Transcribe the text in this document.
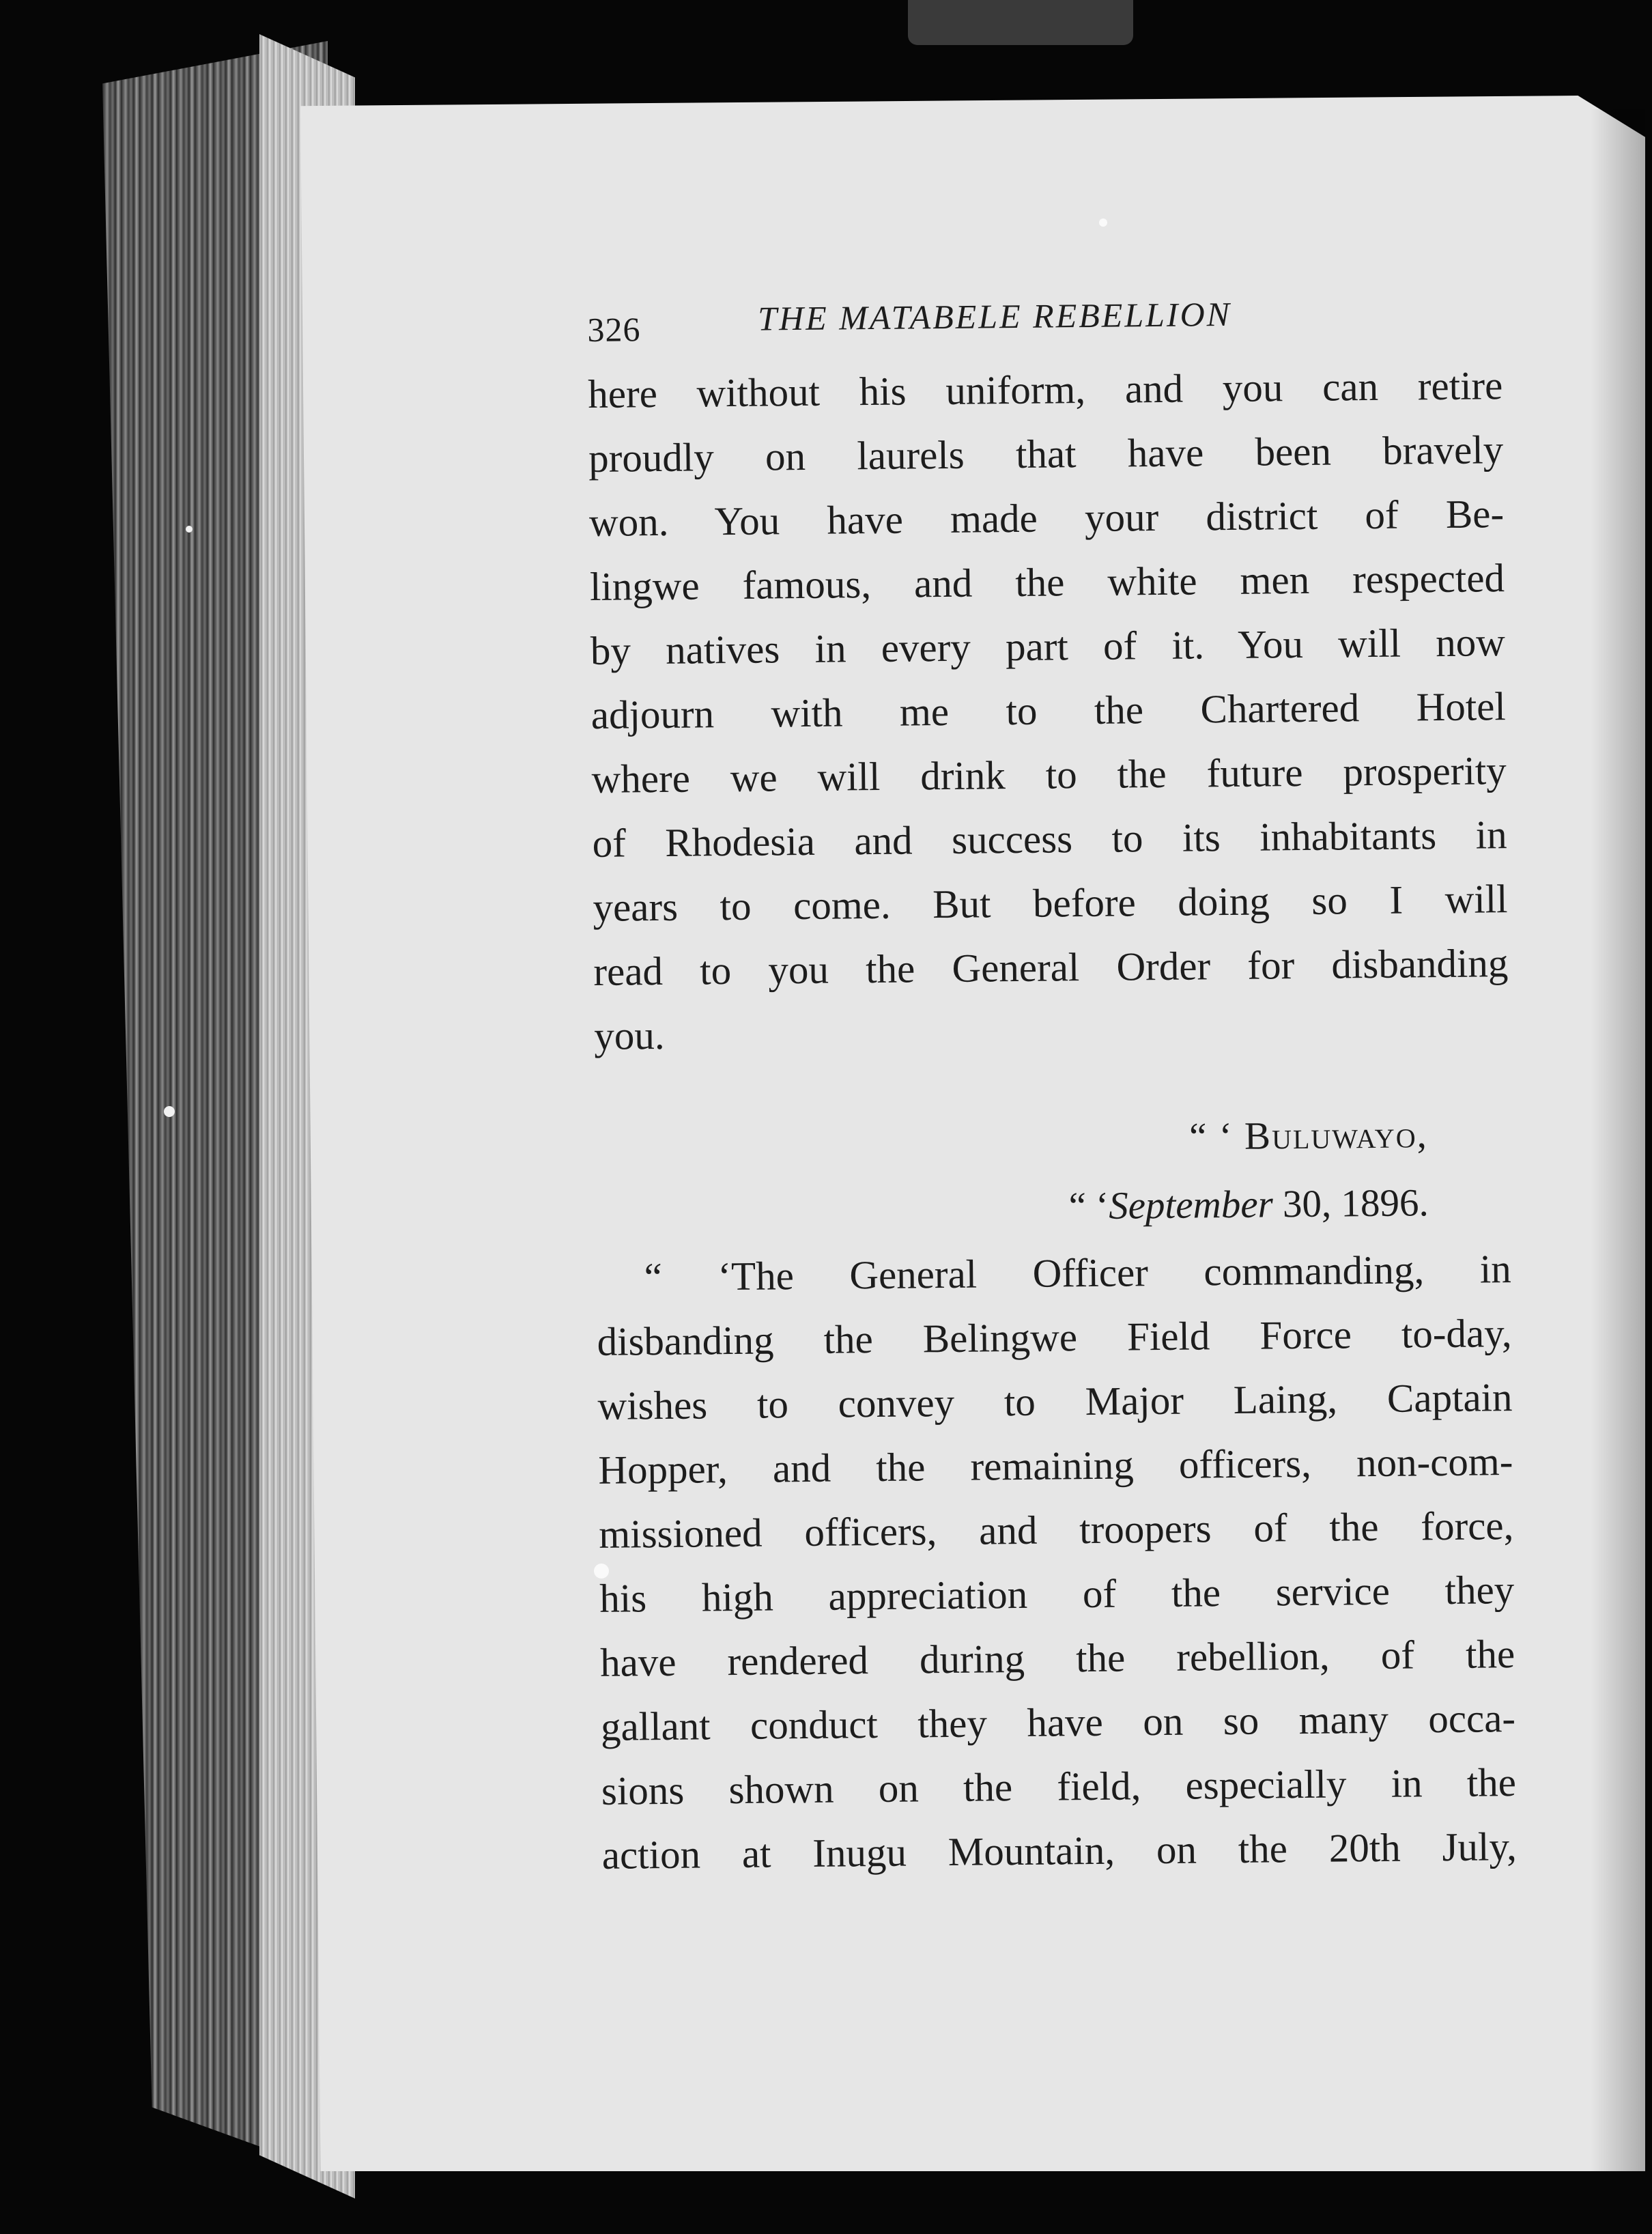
326	THE MATABELE REBELLION

here without his uniform, and you can retire
proudly on laurels that have been bravely
won. You have made your district of Be-
lingwe famous, and the white men respected
by natives in every part of it. You will now
adjourn with me to the Chartered Hotel
where we will drink to the future prosperity
of Rhodesia and success to its inhabitants in
years to come. But before doing so I will
read to you the General Order for disbanding
you.

“ ‘ Buluwayo,
“ ‘September 30, 1896.

“ ‘The General Officer commanding, in
disbanding the Belingwe Field Force to-day,
wishes to convey to Major Laing, Captain
Hopper, and the remaining officers, non-com-
missioned officers, and troopers of the force,
his high appreciation of the service they
have rendered during the rebellion, of the
gallant conduct they have on so many occa-
sions shown on the field, especially in the
action at Inugu Mountain, on the 20th July,
